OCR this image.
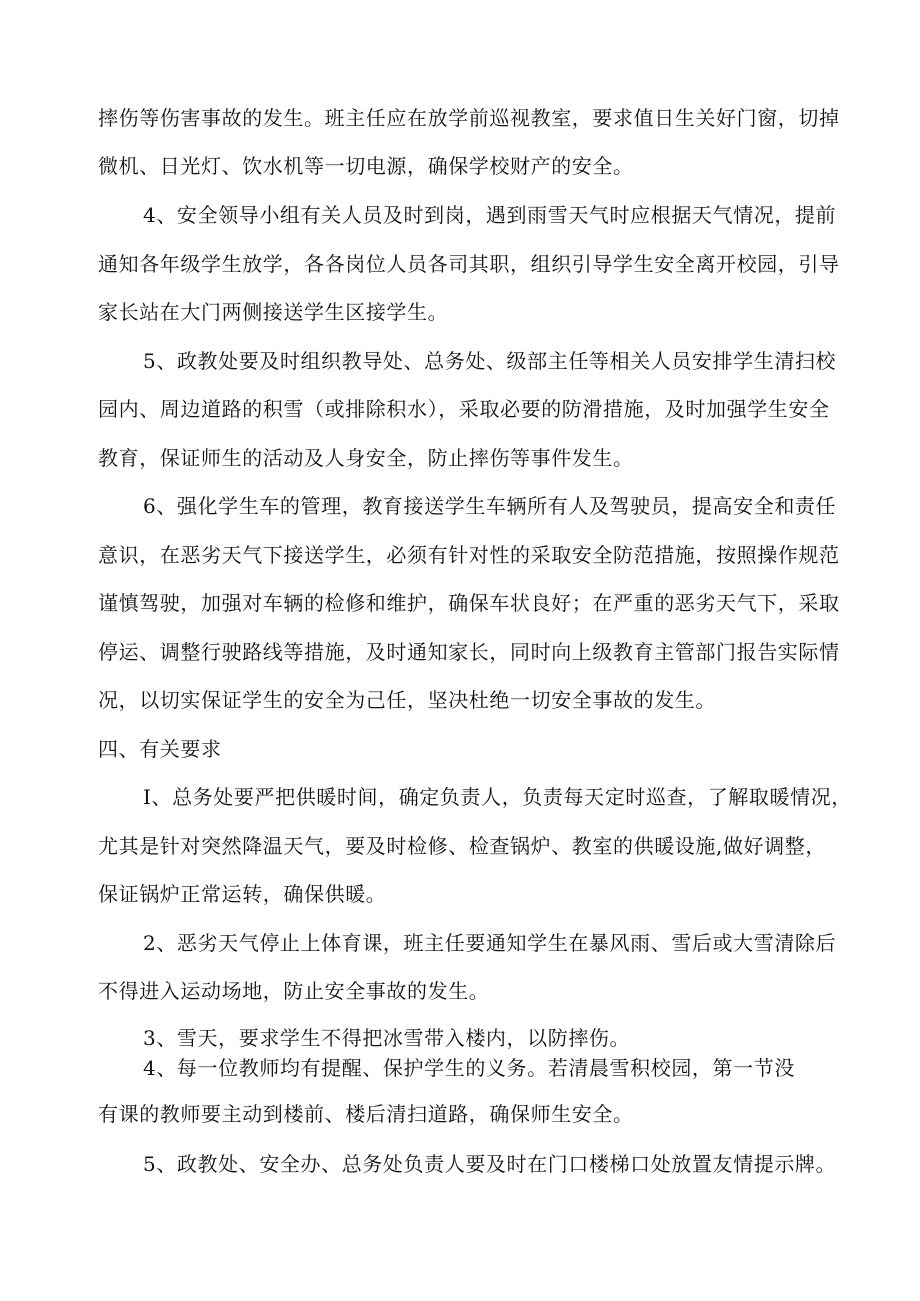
摔伤等伤害事故的发生。班主任应在放学前巡视教室，要求值日生关好门窗，切掉
微机、日光灯、饮水机等一切电源，确保学校财产的安全。
4、安全领导小组有关人员及时到岗，遇到雨雪天气时应根据天气情况，提前
通知各年级学生放学，各各岗位人员各司其职，组织引导学生安全离开校园，引导
家长站在大门两侧接送学生区接学生。
5、政教处要及时组织教导处、总务处、级部主任等相关人员安排学生清扫校
园内、周边道路的积雪（或排除积水），采取必要的防滑措施，及时加强学生安全
教育，保证师生的活动及人身安全，防止摔伤等事件发生。
6、强化学生车的管理，教育接送学生车辆所有人及驾驶员，提高安全和责任
意识，在恶劣天气下接送学生，必须有针对性的采取安全防范措施，按照操作规范
谨慎驾驶，加强对车辆的检修和维护，确保车状良好；在严重的恶劣天气下，采取
停运、调整行驶路线等措施，及时通知家长，同时向上级教育主管部门报告实际情
况，以切实保证学生的安全为己任，坚决杜绝一切安全事故的发生。
四、有关要求
I、总务处要严把供暖时间，确定负责人，负责每天定时巡查，了解取暖情况，
尤其是针对突然降温天气，要及时检修、检查锅炉、教室的供暖设施,做好调整，
保证锅炉正常运转，确保供暖。
2、恶劣天气停止上体育课，班主任要通知学生在暴风雨、雪后或大雪清除后
不得进入运动场地，防止安全事故的发生。
3、雪天，要求学生不得把冰雪带入楼内，以防摔伤。
4、每一位教师均有提醒、保护学生的义务。若清晨雪积校园，第一节没
有课的教师要主动到楼前、楼后清扫道路，确保师生安全。
5、政教处、安全办、总务处负责人要及时在门口楼梯口处放置友情提示牌。
